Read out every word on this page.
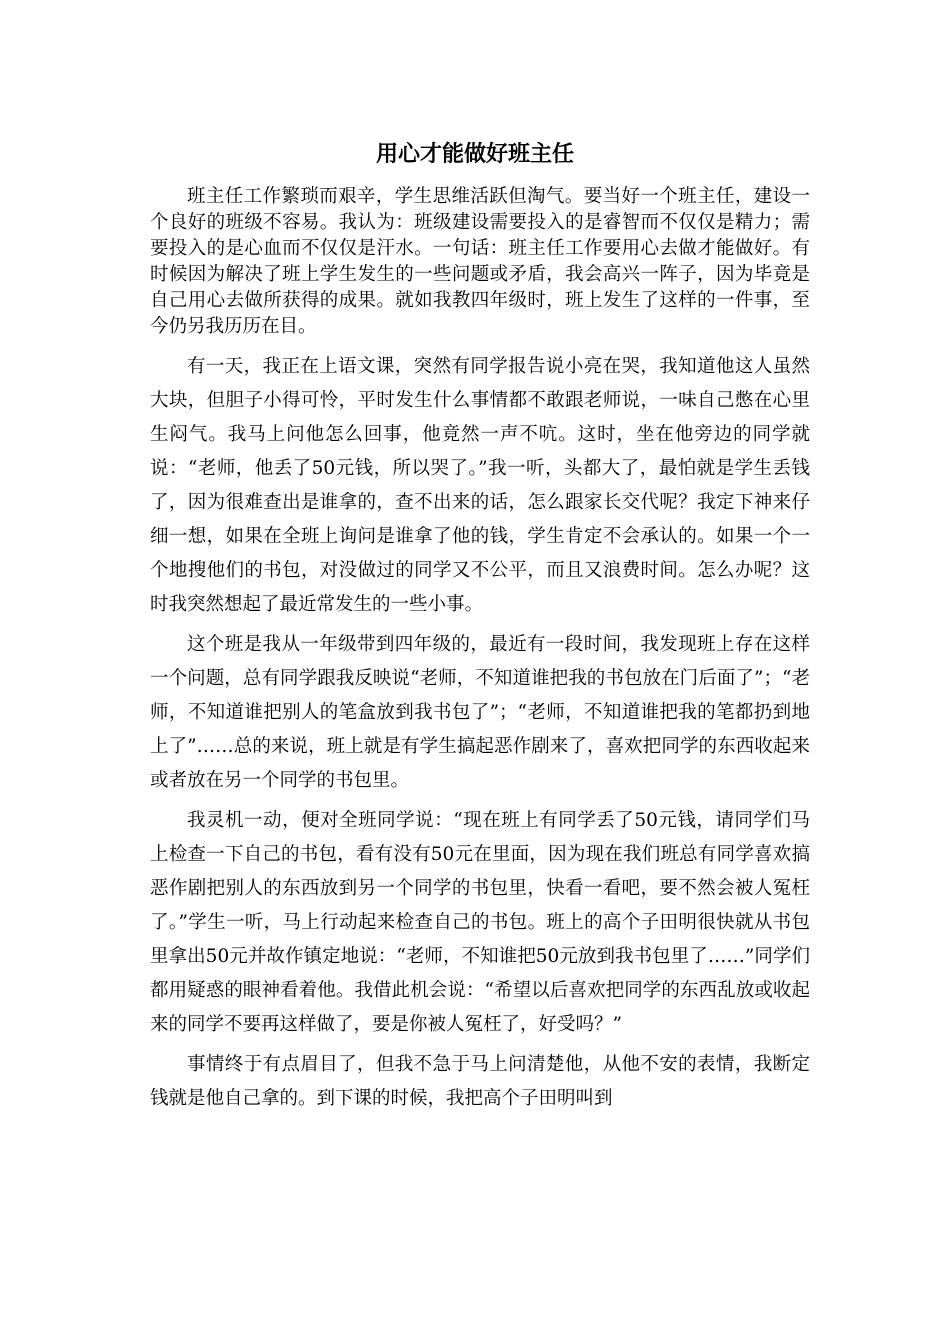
用心才能做好班主任

班主任工作繁琐而艰辛，学生思维活跃但淘气。要当好一个班主任，建设一个良好的班级不容易。我认为：班级建设需要投入的是睿智而不仅仅是精力；需要投入的是心血而不仅仅是汗水。一句话：班主任工作要用心去做才能做好。有时候因为解决了班上学生发生的一些问题或矛盾，我会高兴一阵子，因为毕竟是自己用心去做所获得的成果。就如我教四年级时，班上发生了这样的一件事，至今仍另我历历在目。

有一天，我正在上语文课，突然有同学报告说小亮在哭，我知道他这人虽然大块，但胆子小得可怜，平时发生什么事情都不敢跟老师说，一味自己憋在心里生闷气。我马上问他怎么回事，他竟然一声不吭。这时，坐在他旁边的同学就说：“老师，他丢了50元钱，所以哭了。”我一听，头都大了，最怕就是学生丢钱了，因为很难查出是谁拿的，查不出来的话，怎么跟家长交代呢？我定下神来仔细一想，如果在全班上询问是谁拿了他的钱，学生肯定不会承认的。如果一个一个地搜他们的书包，对没做过的同学又不公平，而且又浪费时间。怎么办呢？这时我突然想起了最近常发生的一些小事。

这个班是我从一年级带到四年级的，最近有一段时间，我发现班上存在这样一个问题，总有同学跟我反映说“老师，不知道谁把我的书包放在门后面了”；“老师，不知道谁把别人的笔盒放到我书包了”；“老师，不知道谁把我的笔都扔到地上了”……总的来说，班上就是有学生搞起恶作剧来了，喜欢把同学的东西收起来或者放在另一个同学的书包里。

我灵机一动，便对全班同学说：“现在班上有同学丢了50元钱，请同学们马上检查一下自己的书包，看有没有50元在里面，因为现在我们班总有同学喜欢搞恶作剧把别人的东西放到另一个同学的书包里，快看一看吧，要不然会被人冤枉了。”学生一听，马上行动起来检查自己的书包。班上的高个子田明很快就从书包里拿出50元并故作镇定地说：“老师，不知谁把50元放到我书包里了……”同学们都用疑惑的眼神看着他。我借此机会说：“希望以后喜欢把同学的东西乱放或收起来的同学不要再这样做了，要是你被人冤枉了，好受吗？”

事情终于有点眉目了，但我不急于马上问清楚他，从他不安的表情，我断定钱就是他自己拿的。到下课的时候，我把高个子田明叫到
